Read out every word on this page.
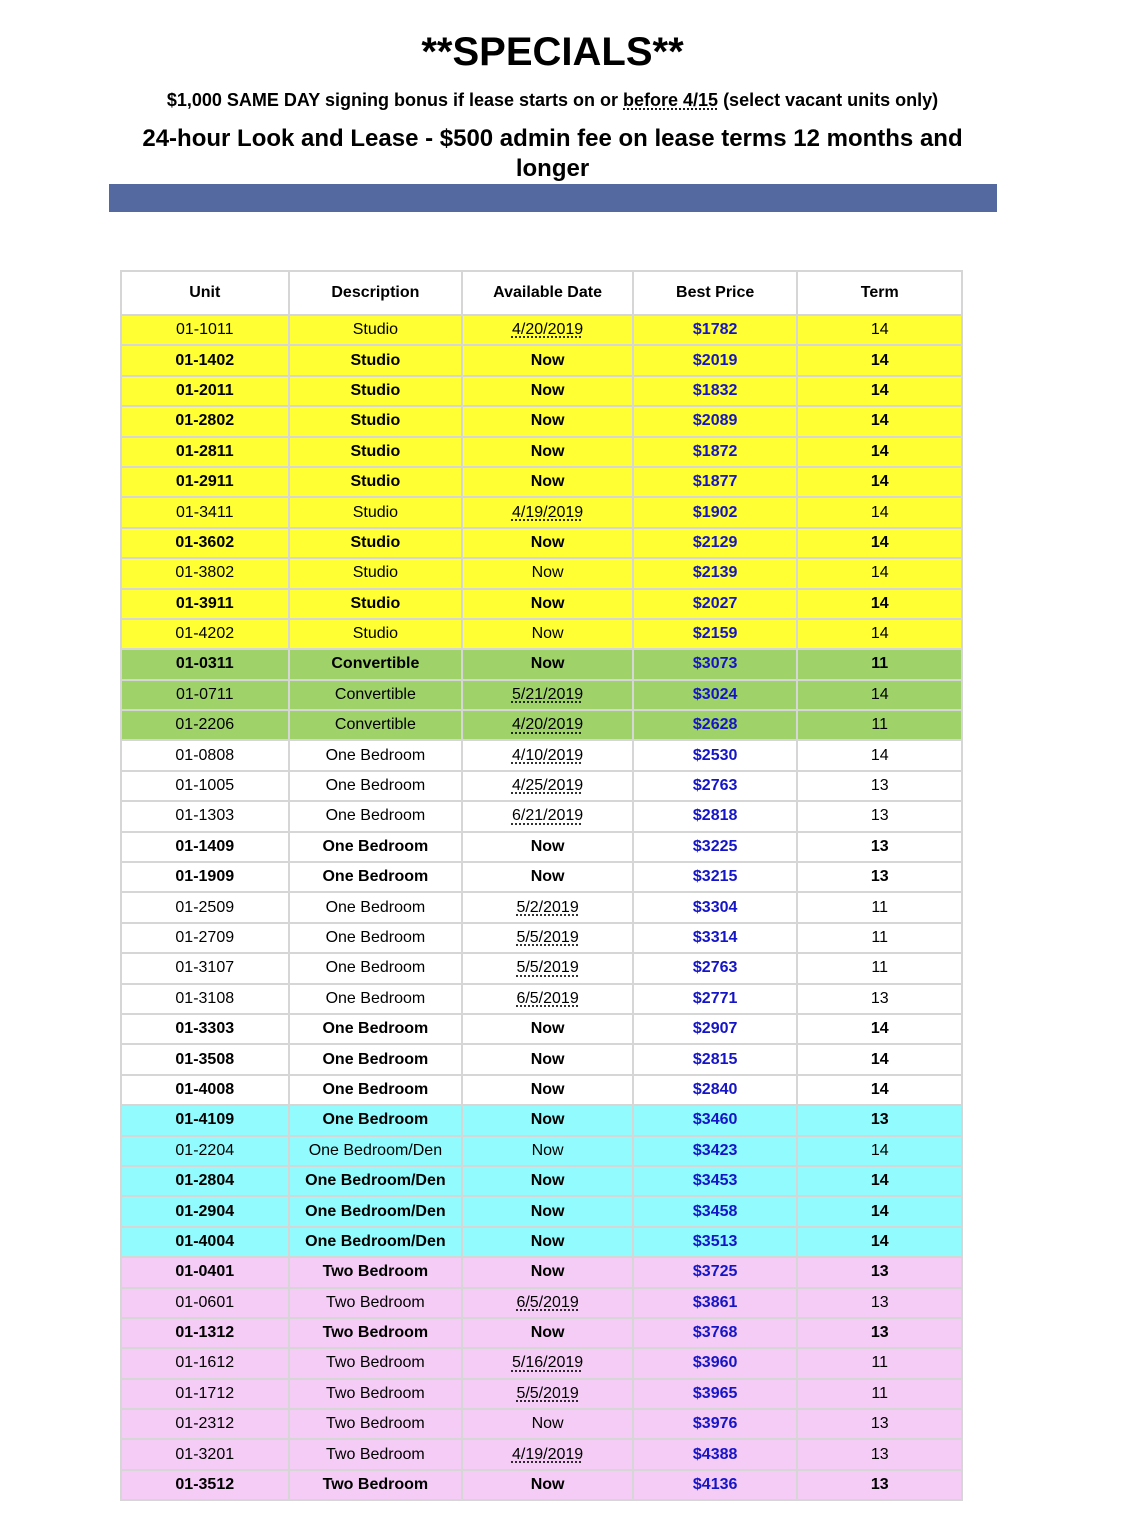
**SPECIALS**
$1,000 SAME DAY signing bonus if lease starts on or before 4/15 (select vacant units only)
24-hour Look and Lease - $500 admin fee on lease terms 12 months and longer
Unit	Description	Available Date	Best Price	Term
01-1011	Studio	4/20/2019	$1782	14
01-1402	Studio	Now	$2019	14
01-2011	Studio	Now	$1832	14
01-2802	Studio	Now	$2089	14
01-2811	Studio	Now	$1872	14
01-2911	Studio	Now	$1877	14
01-3411	Studio	4/19/2019	$1902	14
01-3602	Studio	Now	$2129	14
01-3802	Studio	Now	$2139	14
01-3911	Studio	Now	$2027	14
01-4202	Studio	Now	$2159	14
01-0311	Convertible	Now	$3073	11
01-0711	Convertible	5/21/2019	$3024	14
01-2206	Convertible	4/20/2019	$2628	11
01-0808	One Bedroom	4/10/2019	$2530	14
01-1005	One Bedroom	4/25/2019	$2763	13
01-1303	One Bedroom	6/21/2019	$2818	13
01-1409	One Bedroom	Now	$3225	13
01-1909	One Bedroom	Now	$3215	13
01-2509	One Bedroom	5/2/2019	$3304	11
01-2709	One Bedroom	5/5/2019	$3314	11
01-3107	One Bedroom	5/5/2019	$2763	11
01-3108	One Bedroom	6/5/2019	$2771	13
01-3303	One Bedroom	Now	$2907	14
01-3508	One Bedroom	Now	$2815	14
01-4008	One Bedroom	Now	$2840	14
01-4109	One Bedroom	Now	$3460	13
01-2204	One Bedroom/Den	Now	$3423	14
01-2804	One Bedroom/Den	Now	$3453	14
01-2904	One Bedroom/Den	Now	$3458	14
01-4004	One Bedroom/Den	Now	$3513	14
01-0401	Two Bedroom	Now	$3725	13
01-0601	Two Bedroom	6/5/2019	$3861	13
01-1312	Two Bedroom	Now	$3768	13
01-1612	Two Bedroom	5/16/2019	$3960	11
01-1712	Two Bedroom	5/5/2019	$3965	11
01-2312	Two Bedroom	Now	$3976	13
01-3201	Two Bedroom	4/19/2019	$4388	13
01-3512	Two Bedroom	Now	$4136	13
